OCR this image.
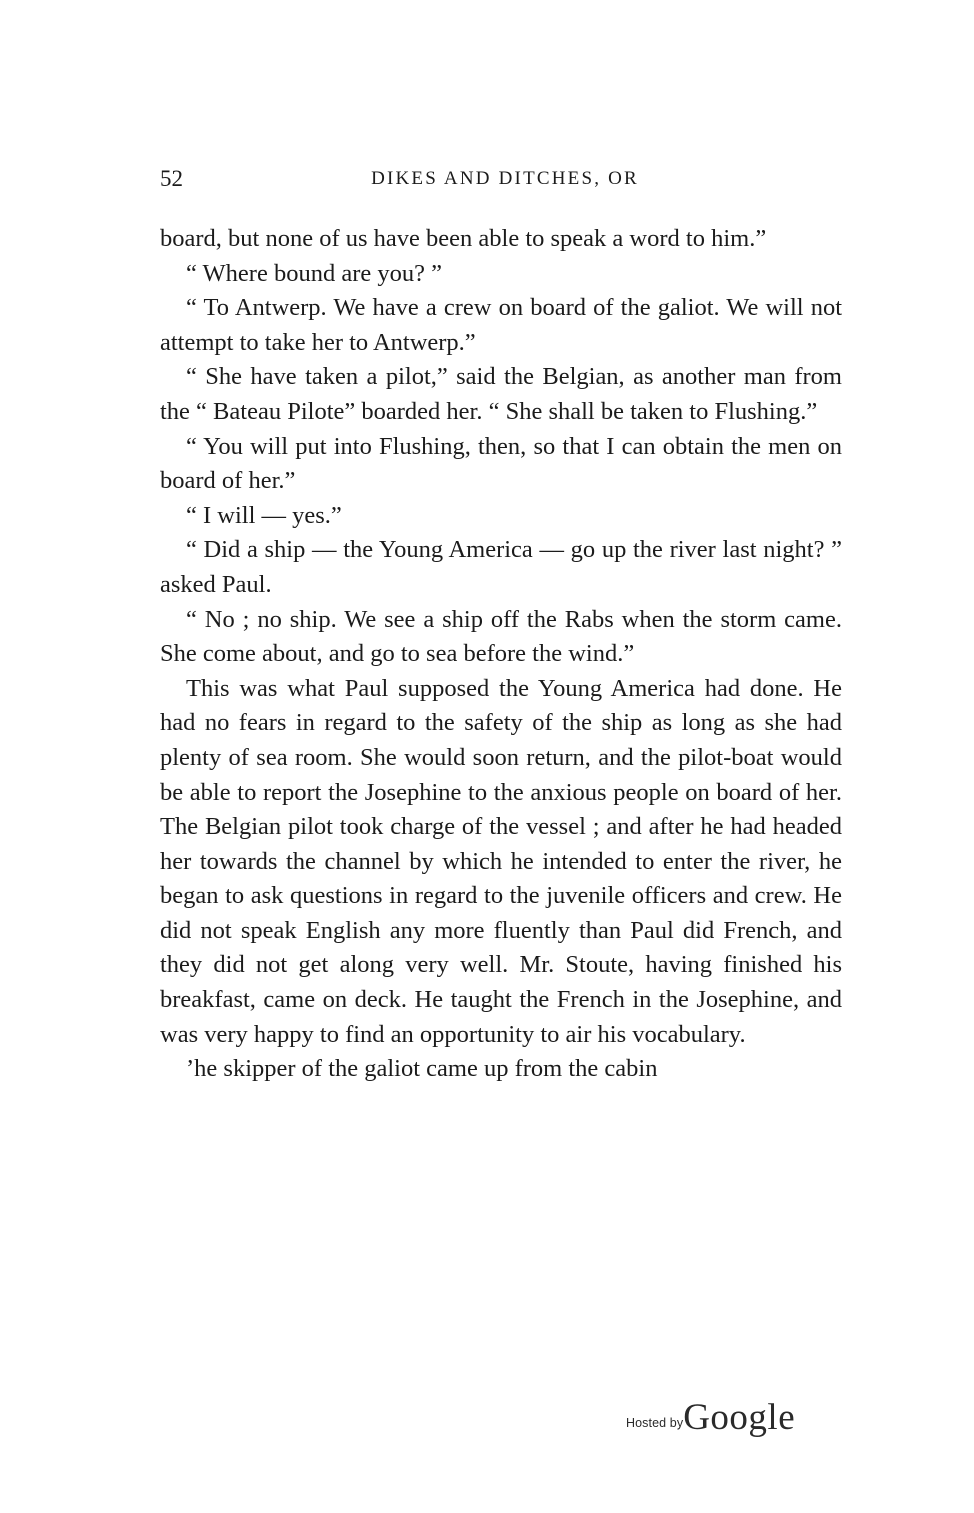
52	DIKES AND DITCHES, OR

board, but none of us have been able to speak a word to him.”

“ Where bound are you? ”

“ To Antwerp. We have a crew on board of the galiot. We will not attempt to take her to Antwerp.”

“ She have taken a pilot,” said the Belgian, as another man from the “ Bateau Pilote” boarded her. “ She shall be taken to Flushing.”

“ You will put into Flushing, then, so that I can obtain the men on board of her.”

“ I will — yes.”

“ Did a ship — the Young America — go up the river last night? ” asked Paul.

“ No ; no ship. We see a ship off the Rabs when the storm came. She come about, and go to sea before the wind.”

This was what Paul supposed the Young America had done. He had no fears in regard to the safety of the ship as long as she had plenty of sea room. She would soon return, and the pilot-boat would be able to report the Josephine to the anxious people on board of her. The Belgian pilot took charge of the vessel ; and after he had headed her towards the channel by which he intended to enter the river, he began to ask questions in regard to the juvenile officers and crew. He did not speak English any more fluently than Paul did French, and they did not get along very well. Mr. Stoute, having finished his breakfast, came on deck. He taught the French in the Josephine, and was very happy to find an opportunity to air his vocabulary.

ʼhe skipper of the galiot came up from the cabin

Hosted byGoogle
